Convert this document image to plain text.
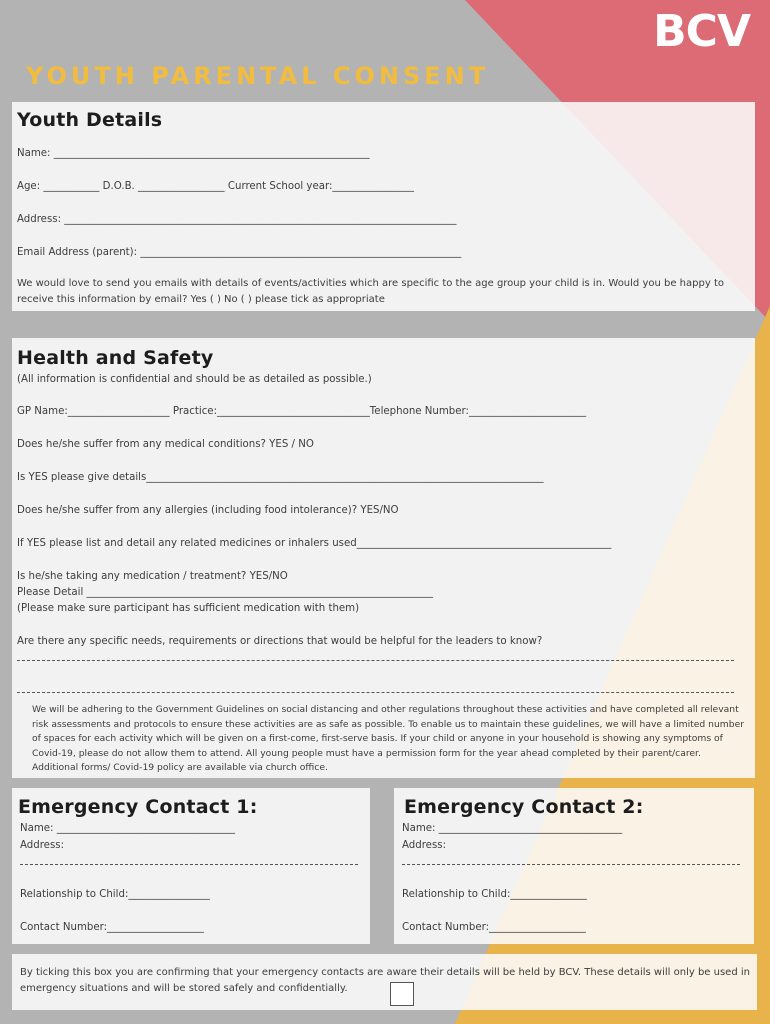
BCV
YOUTH PARENTAL CONSENT
Youth Details
Name: ______________________________________________________________
Age: ___________ D.O.B. _________________ Current School year:________________
Address: _____________________________________________________________________________
Email Address (parent): _______________________________________________________________
We would love to send you emails with details of events/activities which are specific to the age group your child is in. Would you be happy to receive this information by email? Yes ( ) No ( ) please tick as appropriate
Health and Safety
(All information is confidential and should be as detailed as possible.)
GP Name:____________________ Practice:______________________________Telephone Number:_______________________
Does he/she suffer from any medical conditions? YES / NO
Is YES please give details______________________________________________________________________________
Does he/she suffer from any allergies (including food intolerance)? YES/NO
If YES please list and detail any related medicines or inhalers used__________________________________________________
Is he/she taking any medication / treatment? YES/NO
Please Detail ____________________________________________________________________
(Please make sure participant has sufficient medication with them)
Are there any specific needs, requirements or directions that would be helpful for the leaders to know?
We will be adhering to the Government Guidelines on social distancing and other regulations throughout these activities and have completed all relevant risk assessments and protocols to ensure these activities are as safe as possible. To enable us to maintain these guidelines, we will have a limited number of spaces for each activity which will be given on a first-come, first-serve basis. If your child or anyone in your household is showing any symptoms of Covid-19, please do not allow them to attend. All young people must have a permission form for the year ahead completed by their parent/carer. Additional forms/ Covid-19 policy are available via church office.
Emergency Contact 1:
Name: ___________________________________
Address:
Relationship to Child:________________
Contact Number:___________________
Emergency Contact 2:
Name: ____________________________________
Address:
Relationship to Child:_______________
Contact Number:___________________
By ticking this box you are confirming that your emergency contacts are aware their details will be held by BCV. These details will only be used in emergency situations and will be stored safely and confidentially.
